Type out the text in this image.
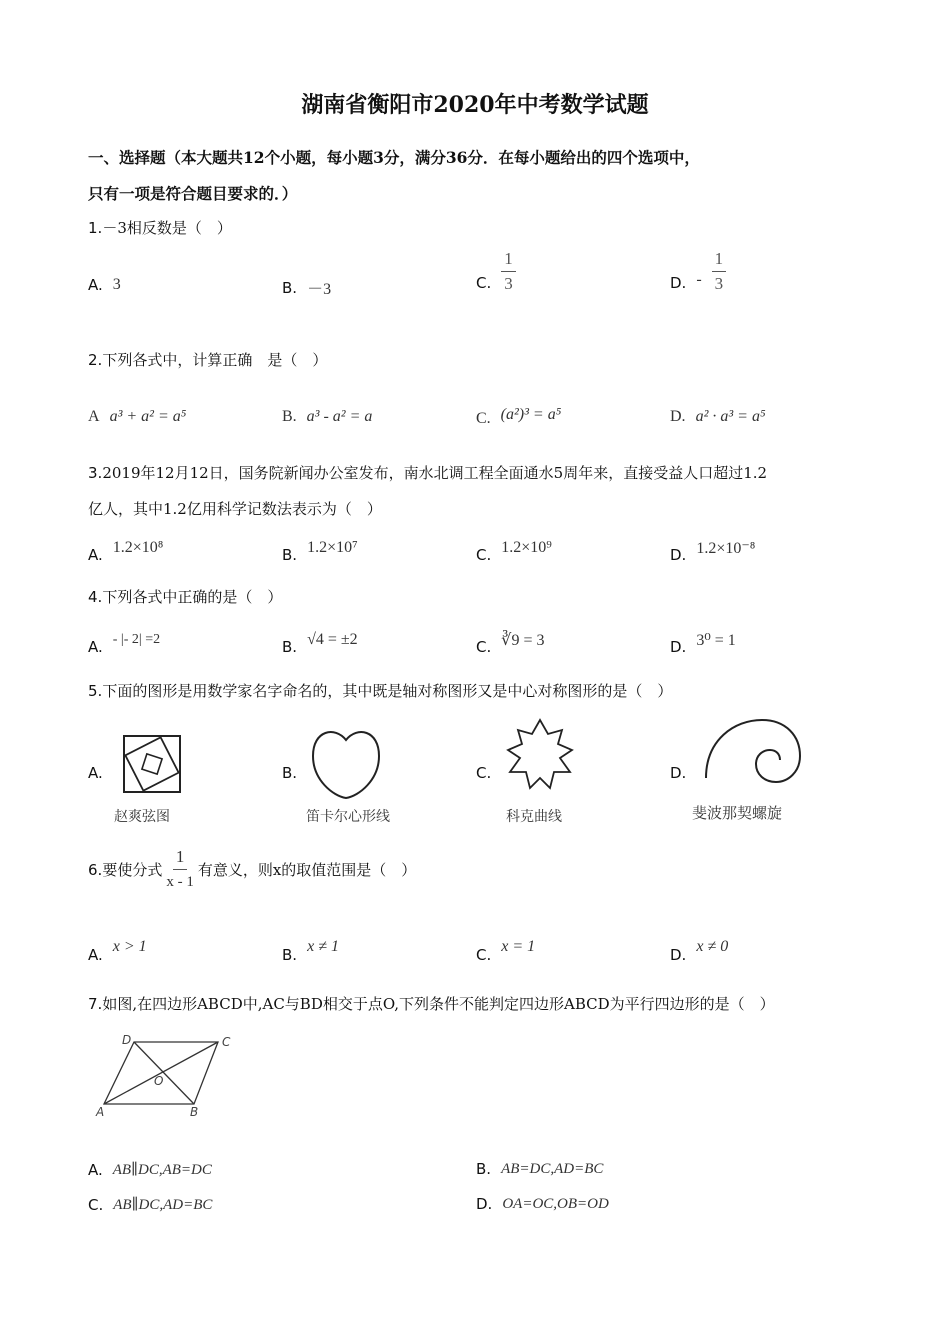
湖南省衡阳市2020年中考数学试题
一、选择题（本大题共12个小题，每小题3分，满分36分．在每小题给出的四个选项中，
只有一项是符合题目要求的．）
1.－3相反数是（　）
A. 3	B. －3	C. $\frac{1}{3}$	D. - $\frac{1}{3}$
2.下列各式中，计算正确　是（　）
A a³ + a² = a⁵	B. a³ - a² = a	C. (a²)³ = a⁵	D. a² · a³ = a⁵
3.2019年12月12日，国务院新闻办公室发布，南水北调工程全面通水5周年来，直接受益人口超过1.2
亿人，其中1.2亿用科学记数法表示为（　）
A. 1.2×10⁸	B. 1.2×10⁷	C. 1.2×10⁹	D. 1.2×10⁻⁸
4.下列各式中正确的是（　）
A. - |- 2| =2	B. √4 = ±2	C. ∛9 = 3	D. 3⁰ = 1
5.下面的图形是用数学家名字命名的，其中既是轴对称图形又是中心对称图形的是（　）
A.
赵爽弦图
B.
笛卡尔心形线
C.
科克曲线
D.
斐波那契螺旋
6. 要使分式 $\frac{1}{x - 1}$ 有意义，则x的取值范围是（　）
A. x > 1	B. x ≠ 1	C. x = 1	D. x ≠ 0
7.如图,在四边形ABCD中,AC与BD相交于点O,下列条件不能判定四边形ABCD为平行四边形的是（　）
D	C
O
A	B
A. AB∥DC,AB=DC	B. AB=DC,AD=BC
C. AB∥DC,AD=BC	D. OA=OC,OB=OD
